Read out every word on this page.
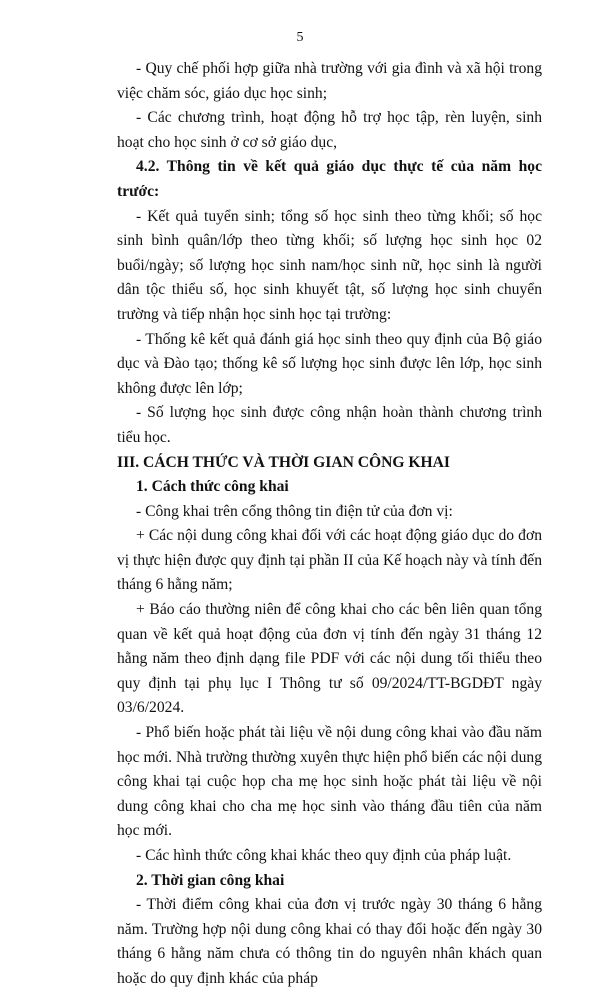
5

- Quy chế phối hợp giữa nhà trường với gia đình và xã hội trong việc chăm sóc, giáo dục học sinh;

- Các chương trình, hoạt động hỗ trợ học tập, rèn luyện, sinh hoạt cho học sinh ở cơ sở giáo dục,

4.2. Thông tin về kết quả giáo dục thực tế của năm học trước:

- Kết quả tuyển sinh; tổng số học sinh theo từng khối; số học sinh bình quân/lớp theo từng khối; số lượng học sinh học 02 buổi/ngày; số lượng học sinh nam/học sinh nữ, học sinh là người dân tộc thiểu số, học sinh khuyết tật, số lượng học sinh chuyển trường và tiếp nhận học sinh học tại trường:

- Thống kê kết quả đánh giá học sinh theo quy định của Bộ giáo dục và Đào tạo; thống kê số lượng học sinh được lên lớp, học sinh không được lên lớp;

- Số lượng học sinh được công nhận hoàn thành chương trình tiểu học.

III. CÁCH THỨC VÀ THỜI GIAN CÔNG KHAI

1. Cách thức công khai

- Công khai trên cổng thông tin điện tử của đơn vị:

+ Các nội dung công khai đối với các hoạt động giáo dục do đơn vị thực hiện được quy định tại phần II của Kế hoạch này và tính đến tháng 6 hằng năm;

+ Báo cáo thường niên để công khai cho các bên liên quan tổng quan về kết quả hoạt động của đơn vị tính đến ngày 31 tháng 12 hằng năm theo định dạng file PDF với các nội dung tối thiểu theo quy định tại phụ lục I Thông tư số 09/2024/TT-BGDĐT ngày 03/6/2024.

- Phổ biến hoặc phát tài liệu về nội dung công khai vào đầu năm học mới. Nhà trường thường xuyên thực hiện phổ biến các nội dung công khai tại cuộc họp cha mẹ học sinh hoặc phát tài liệu về nội dung công khai cho cha mẹ học sinh vào tháng đầu tiên của năm học mới.

- Các hình thức công khai khác theo quy định của pháp luật.

2. Thời gian công khai

- Thời điểm công khai của đơn vị trước ngày 30 tháng 6 hằng năm. Trường hợp nội dung công khai có thay đổi hoặc đến ngày 30 tháng 6 hằng năm chưa có thông tin do nguyên nhân khách quan hoặc do quy định khác của pháp
